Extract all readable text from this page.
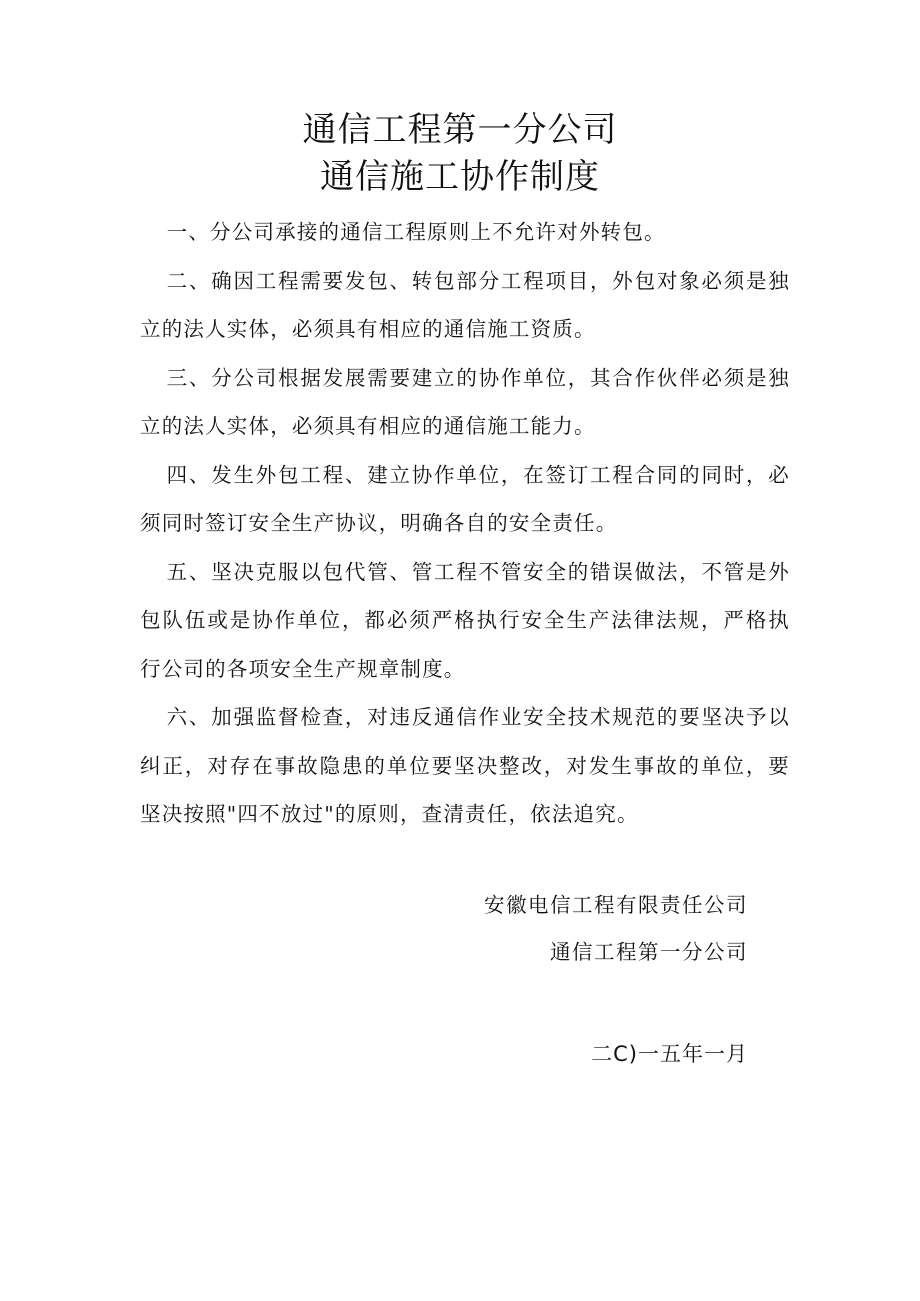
通信工程第一分公司
通信施工协作制度

一、分公司承接的通信工程原则上不允许对外转包。

二、确因工程需要发包、转包部分工程项目，外包对象必须是独立的法人实体，必须具有相应的通信施工资质。

三、分公司根据发展需要建立的协作单位，其合作伙伴必须是独立的法人实体，必须具有相应的通信施工能力。

四、发生外包工程、建立协作单位，在签订工程合同的同时，必须同时签订安全生产协议，明确各自的安全责任。

五、坚决克服以包代管、管工程不管安全的错误做法，不管是外包队伍或是协作单位，都必须严格执行安全生产法律法规，严格执行公司的各项安全生产规章制度。

六、加强监督检查，对违反通信作业安全技术规范的要坚决予以纠正，对存在事故隐患的单位要坚决整改，对发生事故的单位，要坚决按照"四不放过"的原则，查清责任，依法追究。

安徽电信工程有限责任公司
通信工程第一分公司
二C)一五年一月
